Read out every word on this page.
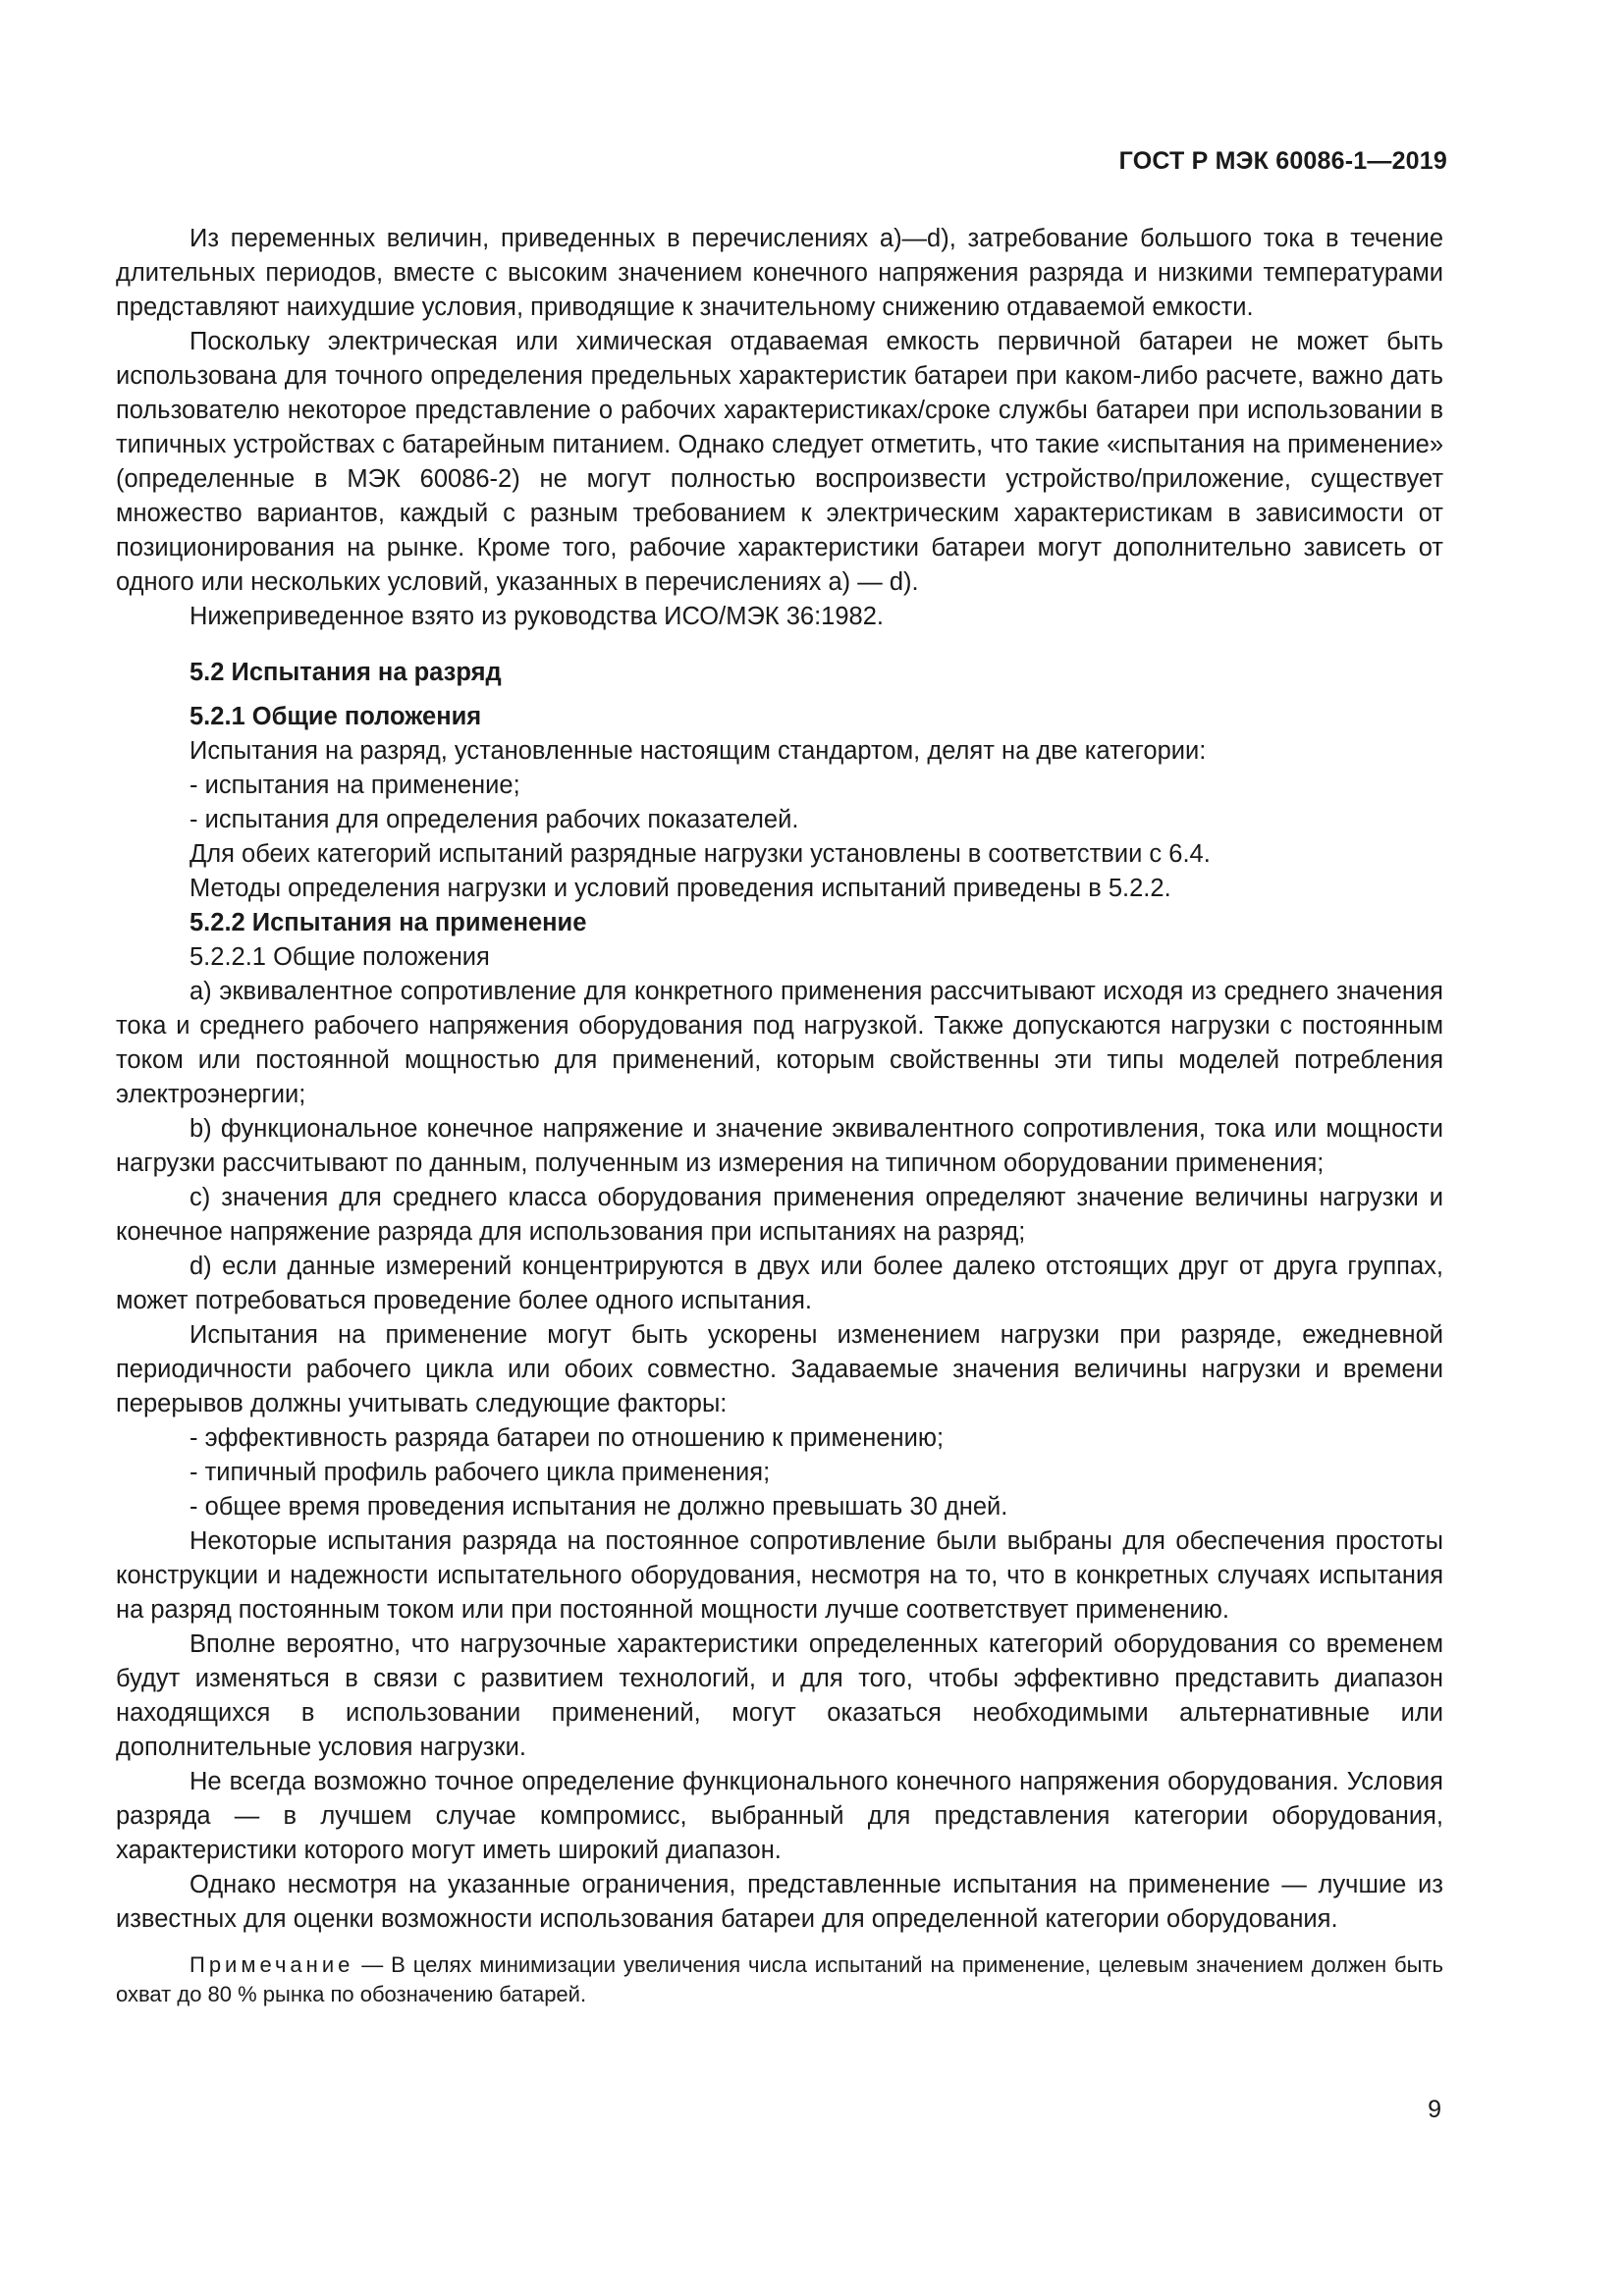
ГОСТ Р МЭК 60086-1—2019

Из переменных величин, приведенных в перечислениях а)—d), затребование большого тока в течение длительных периодов, вместе с высоким значением конечного напряжения разряда и низкими температурами представляют наихудшие условия, приводящие к значительному снижению отдаваемой емкости.

Поскольку электрическая или химическая отдаваемая емкость первичной батареи не может быть использована для точного определения предельных характеристик батареи при каком-либо расчете, важно дать пользователю некоторое представление о рабочих характеристиках/сроке службы батареи при использовании в типичных устройствах с батарейным питанием. Однако следует отметить, что такие «испытания на применение» (определенные в МЭК 60086-2) не могут полностью воспроизвести устройство/приложение, существует множество вариантов, каждый с разным требованием к электрическим характеристикам в зависимости от позиционирования на рынке. Кроме того, рабочие характеристики батареи могут дополнительно зависеть от одного или нескольких условий, указанных в перечислениях а) — d).

Нижеприведенное взято из руководства ИСО/МЭК 36:1982.

5.2 Испытания на разряд

5.2.1 Общие положения

Испытания на разряд, установленные настоящим стандартом, делят на две категории:

- испытания на применение;

- испытания для определения рабочих показателей.

Для обеих категорий испытаний разрядные нагрузки установлены в соответствии с 6.4.

Методы определения нагрузки и условий проведения испытаний приведены в 5.2.2.

5.2.2 Испытания на применение

5.2.2.1 Общие положения

а) эквивалентное сопротивление для конкретного применения рассчитывают исходя из среднего значения тока и среднего рабочего напряжения оборудования под нагрузкой. Также допускаются нагрузки с постоянным током или постоянной мощностью для применений, которым свойственны эти типы моделей потребления электроэнергии;

b) функциональное конечное напряжение и значение эквивалентного сопротивления, тока или мощности нагрузки рассчитывают по данным, полученным из измерения на типичном оборудовании применения;

c) значения для среднего класса оборудования применения определяют значение величины нагрузки и конечное напряжение разряда для использования при испытаниях на разряд;

d) если данные измерений концентрируются в двух или более далеко отстоящих друг от друга группах, может потребоваться проведение более одного испытания.

Испытания на применение могут быть ускорены изменением нагрузки при разряде, ежедневной периодичности рабочего цикла или обоих совместно. Задаваемые значения величины нагрузки и времени перерывов должны учитывать следующие факторы:

- эффективность разряда батареи по отношению к применению;

- типичный профиль рабочего цикла применения;

- общее время проведения испытания не должно превышать 30 дней.

Некоторые испытания разряда на постоянное сопротивление были выбраны для обеспечения простоты конструкции и надежности испытательного оборудования, несмотря на то, что в конкретных случаях испытания на разряд постоянным током или при постоянной мощности лучше соответствует применению.

Вполне вероятно, что нагрузочные характеристики определенных категорий оборудования со временем будут изменяться в связи с развитием технологий, и для того, чтобы эффективно представить диапазон находящихся в использовании применений, могут оказаться необходимыми альтернативные или дополнительные условия нагрузки.

Не всегда возможно точное определение функционального конечного напряжения оборудования. Условия разряда — в лучшем случае компромисс, выбранный для представления категории оборудования, характеристики которого могут иметь широкий диапазон.

Однако несмотря на указанные ограничения, представленные испытания на применение — лучшие из известных для оценки возможности использования батареи для определенной категории оборудования.

Примечание — В целях минимизации увеличения числа испытаний на применение, целевым значением должен быть охват до 80 % рынка по обозначению батарей.

9
